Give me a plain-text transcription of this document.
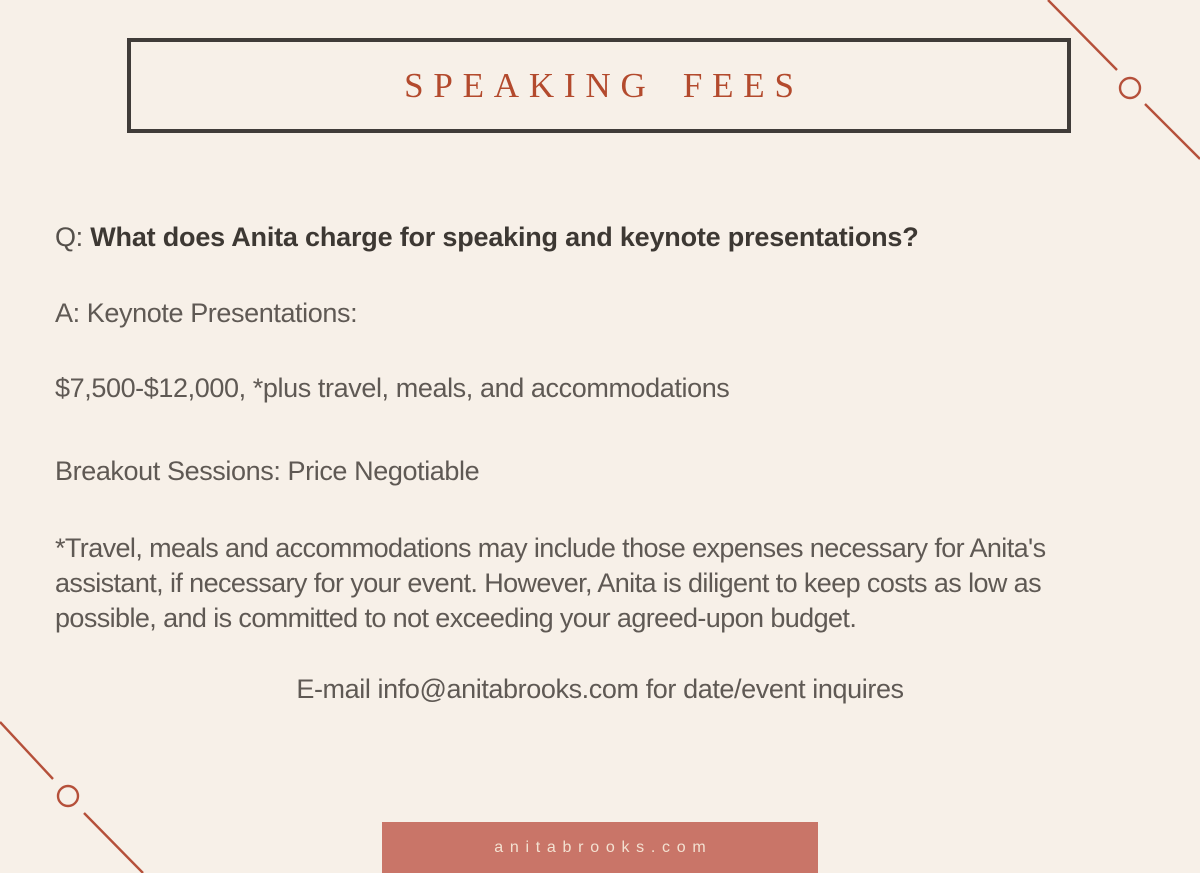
SPEAKING FEES

Q: What does Anita charge for speaking and keynote presentations?

A: Keynote Presentations:

$7,500-$12,000, *plus travel, meals, and accommodations

Breakout Sessions: Price Negotiable

*Travel, meals and accommodations may include those expenses necessary for Anita's assistant, if necessary for your event. However, Anita is diligent to keep costs as low as possible, and is committed to not exceeding your agreed-upon budget.

E-mail info@anitabrooks.com for date/event inquires

anitabrooks.com
